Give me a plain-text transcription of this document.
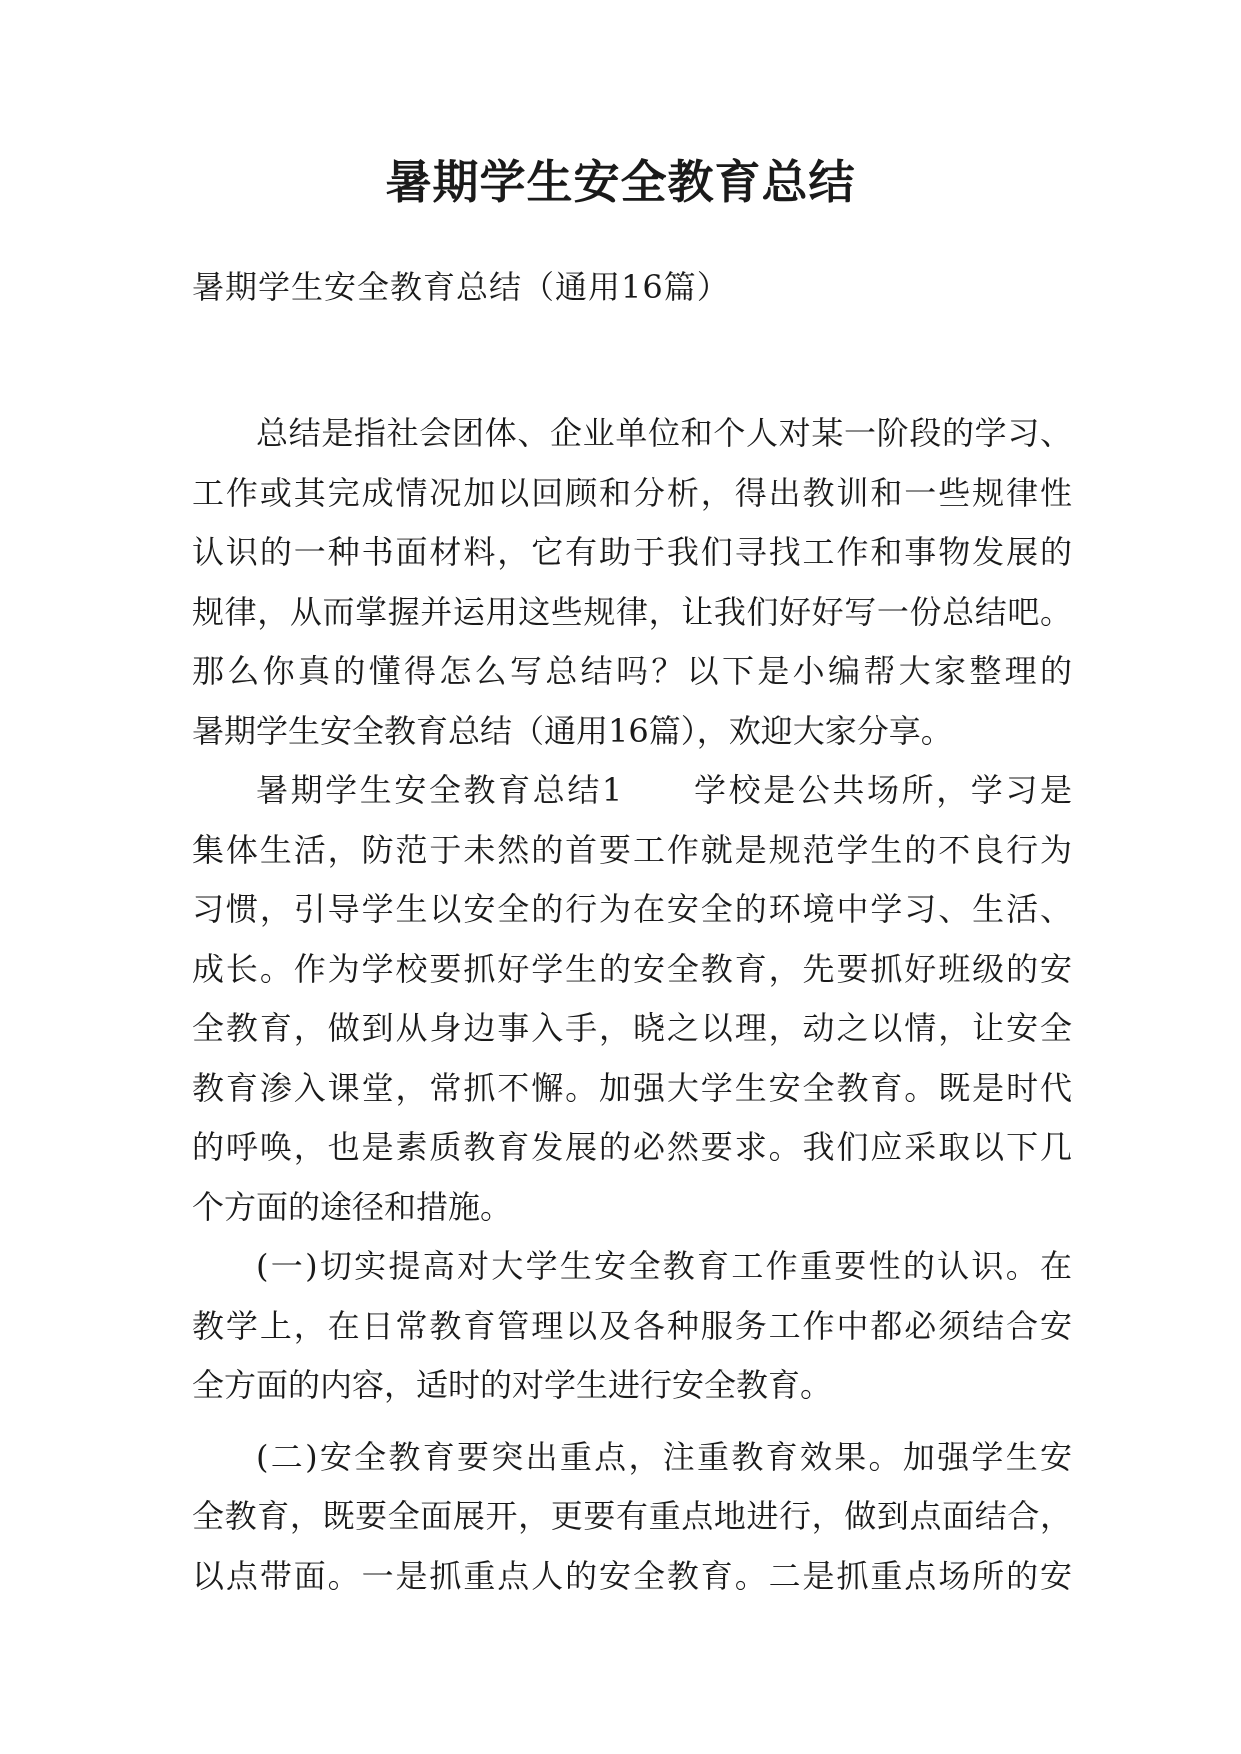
暑期学生安全教育总结

暑期学生安全教育总结（通用16篇）

总结是指社会团体、企业单位和个人对某一阶段的学习、
工作或其完成情况加以回顾和分析，得出教训和一些规律性
认识的一种书面材料，它有助于我们寻找工作和事物发展的
规律，从而掌握并运用这些规律，让我们好好写一份总结吧。
那么你真的懂得怎么写总结吗？以下是小编帮大家整理的
暑期学生安全教育总结（通用16篇），欢迎大家分享。
暑期学生安全教育总结1　　学校是公共场所，学习是
集体生活，防范于未然的首要工作就是规范学生的不良行为
习惯，引导学生以安全的行为在安全的环境中学习、生活、
成长。作为学校要抓好学生的安全教育，先要抓好班级的安
全教育，做到从身边事入手，晓之以理，动之以情，让安全
教育渗入课堂，常抓不懈。加强大学生安全教育。既是时代
的呼唤，也是素质教育发展的必然要求。我们应采取以下几
个方面的途径和措施。
(一)切实提高对大学生安全教育工作重要性的认识。在
教学上，在日常教育管理以及各种服务工作中都必须结合安
全方面的内容，适时的对学生进行安全教育。
(二)安全教育要突出重点，注重教育效果。加强学生安
全教育，既要全面展开，更要有重点地进行，做到点面结合，
以点带面。一是抓重点人的安全教育。二是抓重点场所的安
